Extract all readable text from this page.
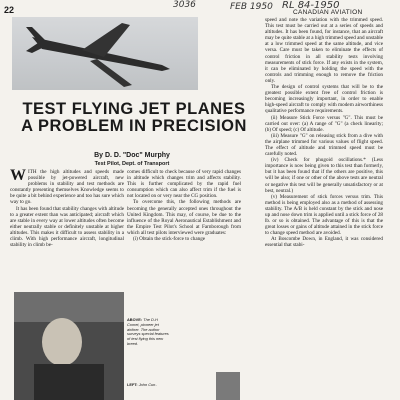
22	3036	FEB 1950 RL 84-1950
CANADIAN AVIATION
TEST FLYING JET PLANES
A PROBLEM IN PRECISION
By D. D. "Doc" Murphy
Test Pilot, Dept. of Transport

WITH the high altitudes and speeds made possible by jet-powered aircraft, new problems in stability and test methods are constantly presenting themselves Knowledge seems to be quite a bit behind experience and too has sure which way to go.

It has been found that stability changes with altitude to a greater extent than was anticipated; aircraft which are stable in every way at lower altitudes often become either neutrally stable or definitely unstable at higher altitudes. This makes it difficult to assess stability in a climb. With high performance aircraft, longitudinal stability in climb be-

comes difficult to check because of very rapid changes in altitude which changes trim and affects stability. This is further complicated by the rapid fuel consumption which can also affect trim if the fuel is not located on or very near the CG position.

To overcome this, the following methods are becoming the generally accepted ones throughout the United Kingdom. This may, of course, be due to the influence of the Royal Aeronautical Establishment and the Empire Test Pilot's School at Farnborough from which all test pilots interviewed were graduates:

(i) Obtain the stick-force to change

ABOVE: The D-H Comet, pioneer jet airliner. The author surveys special features of test flying this new breed.
LEFT: John Cun-

speed and note the variation with the trimmed speed. This test must be carried out at a series of speeds and altitudes. It has been found, for instance, that an aircraft may be quite stable at a high trimmed speed and unstable at a low trimmed speed at the same altitude, and vice versa. Care must be taken to eliminate the effects of control friction in all stability tests involving measurements of stick force. If any exists in the system, it can be eliminated by holding the speed with the controls and trimming enough to remove the friction only.

The design of control systems that will be to the greatest possible extent free of control friction is becoming increasingly important, in order to enable high-speed aircraft to comply with modern airworthiness qualitative performance requirements.

(ii) Measure Stick Force versus "G". This must be carried out over: (a) A range of "G" (a check linearity; (b) Of speed; (c) Of altitude.

(iii) Measure "G" on releasing stick from a dive with the airplane trimmed for various values of flight speed. The effect of altitude and trimmed speed must be carefully noted.

(iv) Check for phugoid oscillations.* (Less importance is now being given to this test than formerly, but it has been found that if the others are positive, this will be also; if one or other of the above tests are neutral or negative this test will be generally unsatisfactory or at best, neutral.)

(v) Measurement of stick forces versus trim. This method is being employed also as a method of assessing stability. The A/B is held constant by the stick and nose up and nose down trim is applied until a stick force of 28 lb. or so is obtained. The advantage of this is that the great losses or gains of altitude attained in the stick force to change speed method are avoided.

At Boscombe Down, in England, it was considered essential that stabi-
